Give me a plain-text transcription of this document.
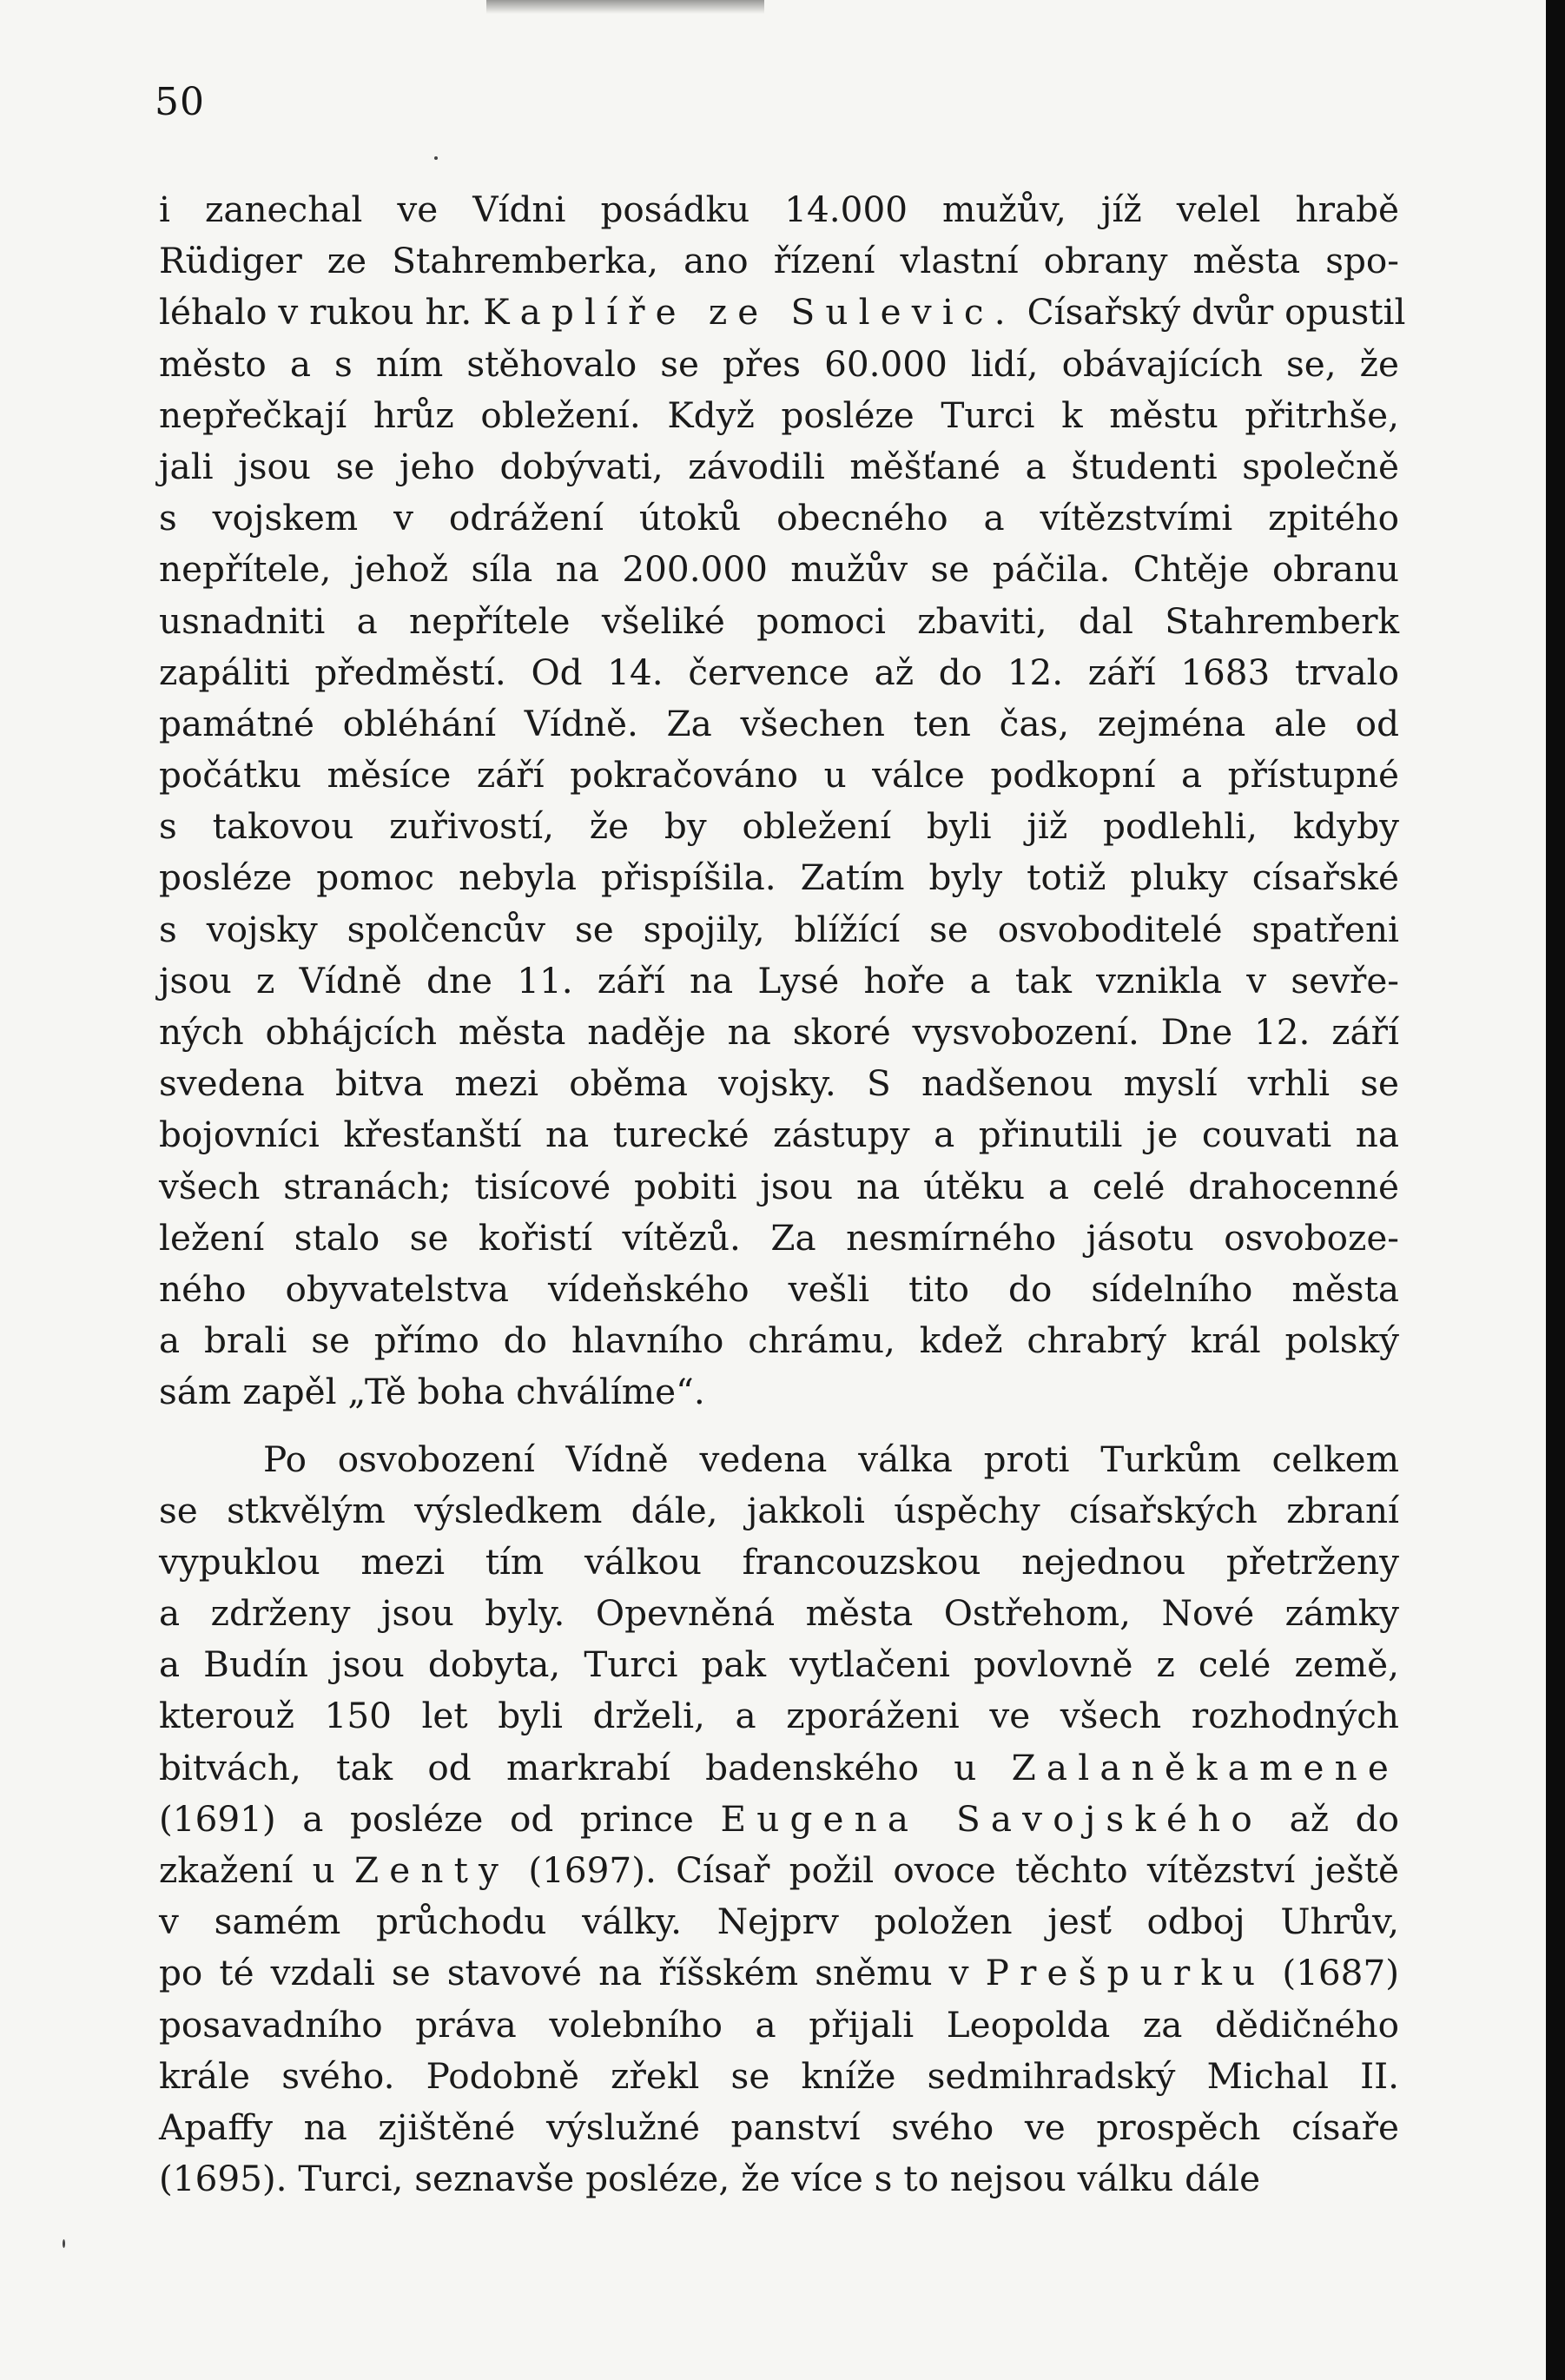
50
i zanechal ve Vídni posádku 14.000 mužův, jíž velel hrabě
Rüdiger ze Stahremberka, ano řízení vlastní obrany města spo-
léhalo v rukou hr. Kaplíře ze Sulevic. Císařský dvůr opustil
město a s ním stěhovalo se přes 60.000 lidí, obávajících se, že
nepřečkají hrůz obležení. Když posléze Turci k městu přitrhše,
jali jsou se jeho dobývati, závodili měšťané a študenti společně
s vojskem v odrážení útoků obecného a vítězstvími zpitého
nepřítele, jehož síla na 200.000 mužův se páčila. Chtěje obranu
usnadniti a nepřítele všeliké pomoci zbaviti, dal Stahremberk
zapáliti předměstí. Od 14. července až do 12. září 1683 trvalo
památné obléhání Vídně. Za všechen ten čas, zejména ale od
počátku měsíce září pokračováno u válce podkopní a přístupné
s takovou zuřivostí, že by obležení byli již podlehli, kdyby
posléze pomoc nebyla přispíšila. Zatím byly totiž pluky císařské
s vojsky spolčencův se spojily, blížící se osvoboditelé spatřeni
jsou z Vídně dne 11. září na Lysé hoře a tak vznikla v sevře-
ných obhájcích města naděje na skoré vysvobození. Dne 12. září
svedena bitva mezi oběma vojsky. S nadšenou myslí vrhli se
bojovníci křesťanští na turecké zástupy a přinutili je couvati na
všech stranách; tisícové pobiti jsou na útěku a celé drahocenné
ležení stalo se kořistí vítězů. Za nesmírného jásotu osvoboze-
ného obyvatelstva vídeňského vešli tito do sídelního města
a brali se přímo do hlavního chrámu, kdež chrabrý král polský
sám zapěl „Tě boha chválíme“.
Po osvobození Vídně vedena válka proti Turkům celkem
se stkvělým výsledkem dále, jakkoli úspěchy císařských zbraní
vypuklou mezi tím válkou francouzskou nejednou přetrženy
a zdrženy jsou byly. Opevněná města Ostřehom, Nové zámky
a Budín jsou dobyta, Turci pak vytlačeni povlovně z celé země,
kterouž 150 let byli drželi, a zporáženi ve všech rozhodných
bitvách, tak od markrabí badenského u Zalaněkamene
(1691) a posléze od princе Eugena Savojského až do
zkažení u Zenty (1697). Císař požil ovoce těchto vítězství ještě
v samém průchodu války. Nejprv položen jesť odboj Uhrův,
po té vzdali se stavové na říšském sněmu v Prešpurku (1687)
posavadního práva volebního a přijali Leopolda za dědičného
krále svého. Podobně zřekl se kníže sedmihradský Michal II.
Apaffy na zjištěné výslužné panství svého ve prospěch císaře
(1695). Turci, seznavše posléze, že více s to nejsou válku dále
